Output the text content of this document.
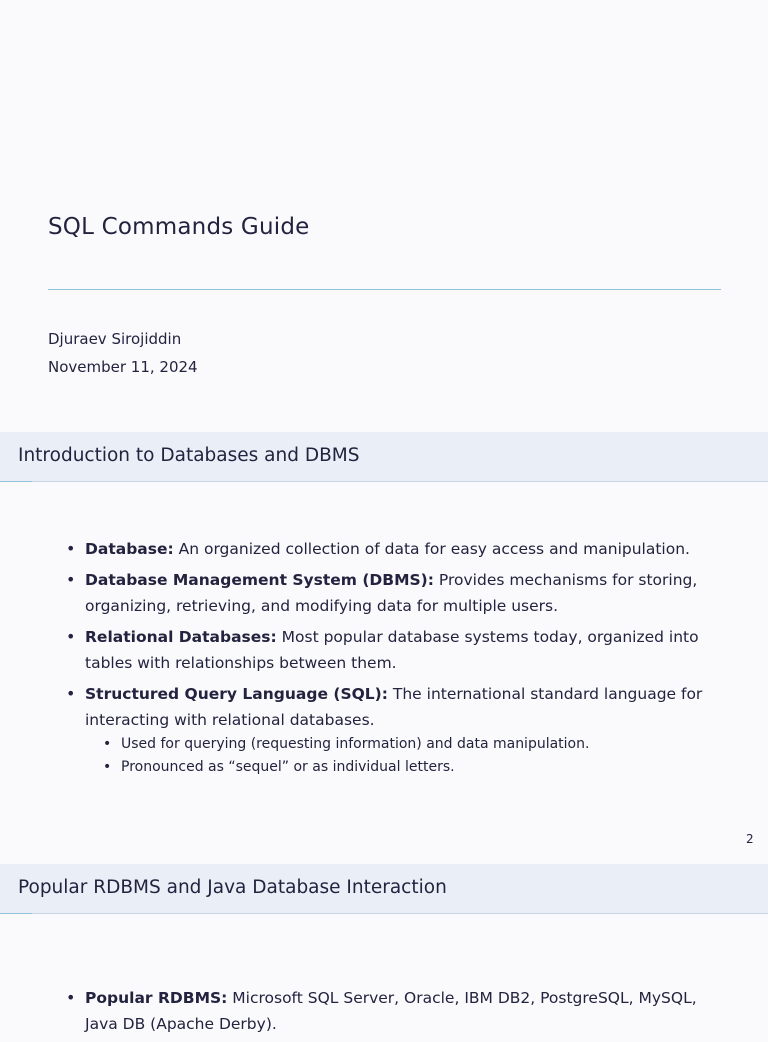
SQL Commands Guide
Djuraev Sirojiddin
November 11, 2024
Introduction to Databases and DBMS
• Database: An organized collection of data for easy access and manipulation.
• Database Management System (DBMS): Provides mechanisms for storing, organizing, retrieving, and modifying data for multiple users.
• Relational Databases: Most popular database systems today, organized into tables with relationships between them.
• Structured Query Language (SQL): The international standard language for interacting with relational databases.
• Used for querying (requesting information) and data manipulation.
• Pronounced as “sequel” or as individual letters.
2
Popular RDBMS and Java Database Interaction
• Popular RDBMS: Microsoft SQL Server, Oracle, IBM DB2, PostgreSQL, MySQL, Java DB (Apache Derby).
